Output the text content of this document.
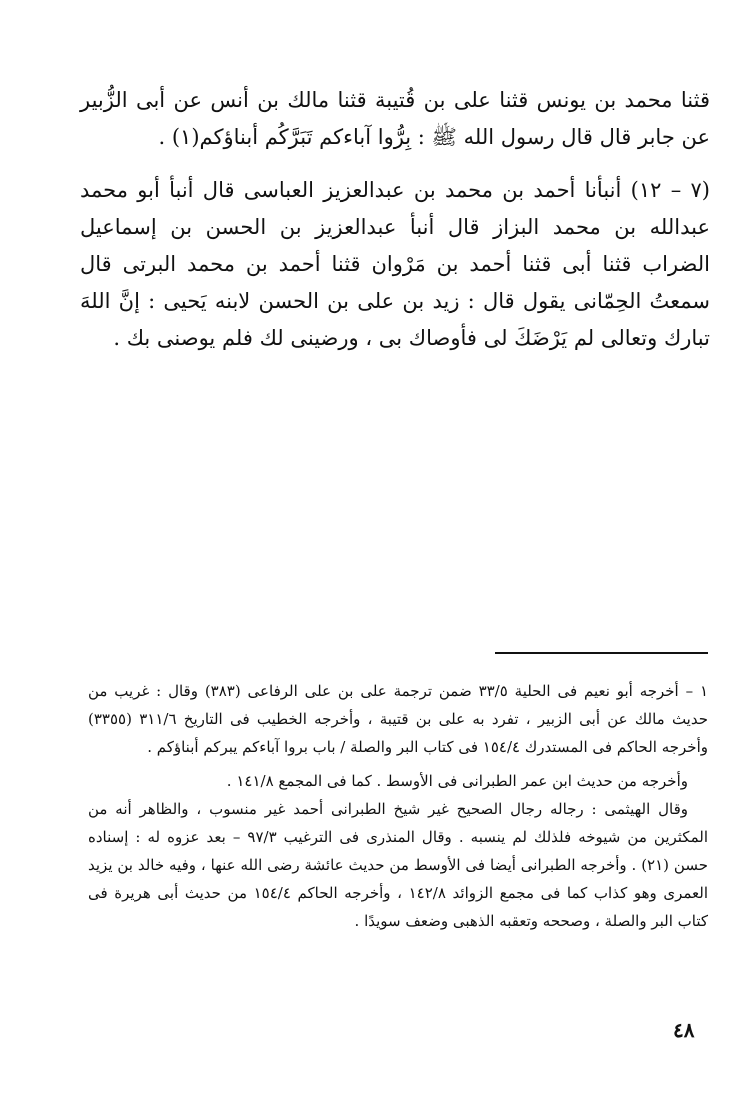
قثنا محمد بن يونس قثنا على بن قُتيبة قثنا مالك بن أنس عن أبى الزُّبير عن جابر قال قال رسول الله ﷺ : بِرُّوا آباءكم تَبَرَّكُم أبناؤكم(١) .

(٧ – ١٢) أنبأنا أحمد بن محمد بن عبدالعزيز العباسى قال أنبأ أبو محمد عبدالله بن محمد البزاز قال أنبأ عبدالعزيز بن الحسن بن إسماعيل الضراب قثنا أبى قثنا أحمد بن مَرْوان قثنا أحمد بن محمد البرتى قال سمعتُ الحِمّانى يقول قال : زيد بن على بن الحسن لابنه يَحيى : إنَّ اللهَ تبارك وتعالى لم يَرْضَكَ لى فأوصاك بى ، ورضينى لك فلم يوصنى بك .

١ – أخرجه أبو نعيم فى الحلية ٣٣/٥ ضمن ترجمة على بن على الرفاعى (٣٨٣) وقال : غريب من حديث مالك عن أبى الزبير ، تفرد به على بن قتيبة ، وأخرجه الخطيب فى التاريخ ٣١١/٦ (٣٣٥٥) وأخرجه الحاكم فى المستدرك ١٥٤/٤ فى كتاب البر والصلة / باب بروا آباءكم يبركم أبناؤكم .

وأخرجه من حديث ابن عمر الطبرانى فى الأوسط . كما فى المجمع ١٤١/٨ .

وقال الهيثمى : رجاله رجال الصحيح غير شيخ الطبرانى أحمد غير منسوب ، والظاهر أنه من المكثرين من شيوخه فلذلك لم ينسبه . وقال المنذرى فى الترغيب ٩٧/٣ – بعد عزوه له : إسناده حسن (٢١) . وأخرجه الطبرانى أيضا فى الأوسط من حديث عائشة رضى الله عنها ، وفيه خالد بن يزيد العمرى وهو كذاب كما فى مجمع الزوائد ١٤٢/٨ ، وأخرجه الحاكم ١٥٤/٤ من حديث أبى هريرة فى كتاب البر والصلة ، وصححه وتعقبه الذهبى وضعف سويدًا .

٤٨
